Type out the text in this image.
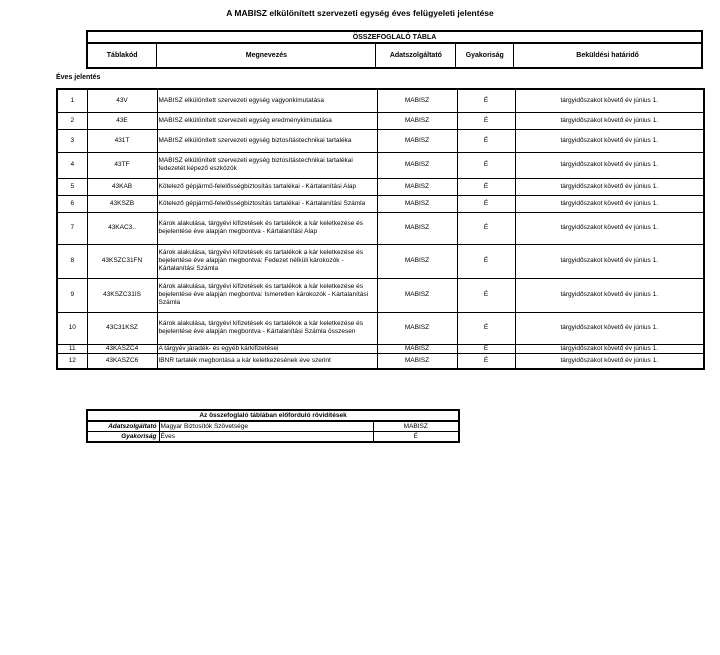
A MABISZ elkülönített szervezeti egység éves felügyeleti jelentése
ÖSSZEFOGLALÓ TÁBLA
Táblakód	Megnevezés	Adatszolgáltató	Gyakoriság	Beküldési határidő
Éves jelentés
1	43V	MABISZ elkülönített szervezeti egység vagyonkimutatása	MABISZ	É	tárgyidőszakot követő év június 1.
2	43E	MABISZ elkülönített szervezeti egység eredménykimutatása	MABISZ	É	tárgyidőszakot követő év június 1.
3	431T	MABISZ elkülönített szervezeti egység biztosítástechnikai tartaléka	MABISZ	É	tárgyidőszakot követő év június 1.
4	43TF	MABISZ elkülönített szervezeti egység biztosítástechnikai tartalékai fedezetét képező eszközök	MABISZ	É	tárgyidőszakot követő év június 1.
5	43KAB	Kötelező gépjármű-felelősségbiztosítás tartalékai - Kártalanítási Alap	MABISZ	É	tárgyidőszakot követő év június 1.
6	43KSZB	Kötelező gépjármű-felelősségbiztosítás tartalékai - Kártalanítási Számla	MABISZ	É	tárgyidőszakot követő év június 1.
7	43KAC3..	Károk alakulása, tárgyévi kifizetések és tartalékok a kár keletkezése és bejelentése éve alapján megbontva - Kártalanítási Alap	MABISZ	É	tárgyidőszakot követő év június 1.
8	43KSZC31FN	Károk alakulása, tárgyévi kifizetések és tartalékok a kár keletkezése és bejelentése éve alapján megbontva: Fedezet nélküli károkozók - Kártalanítási Számla	MABISZ	É	tárgyidőszakot követő év június 1.
9	43KSZC31IS	Károk alakulása, tárgyévi kifizetések és tartalékok a kár keletkezése és bejelentése éve alapján megbontva: Ismeretlen károkozók - Kártalanítási Számla	MABISZ	É	tárgyidőszakot követő év június 1.
10	43C31KSZ	Károk alakulása, tárgyévi kifizetések és tartalékok a kár keletkezése és bejelentése éve alapján megbontva - Kártalanítási Számla összesen	MABISZ	É	tárgyidőszakot követő év június 1.
11	43KASZC4	A tárgyév járadék- és egyéb kárkifizetései	MABISZ	É	tárgyidőszakot követő év június 1.
12	43KASZC6	IBNR tartalék megbontása a kár keletkezésének éve szerint	MABISZ	É	tárgyidőszakot követő év június 1.
Az összefoglaló táblában előforduló rövidítések		
Adatszolgáltató	Magyar Biztosítók Szövetsége	MABISZ
Gyakoriság	Éves	É
